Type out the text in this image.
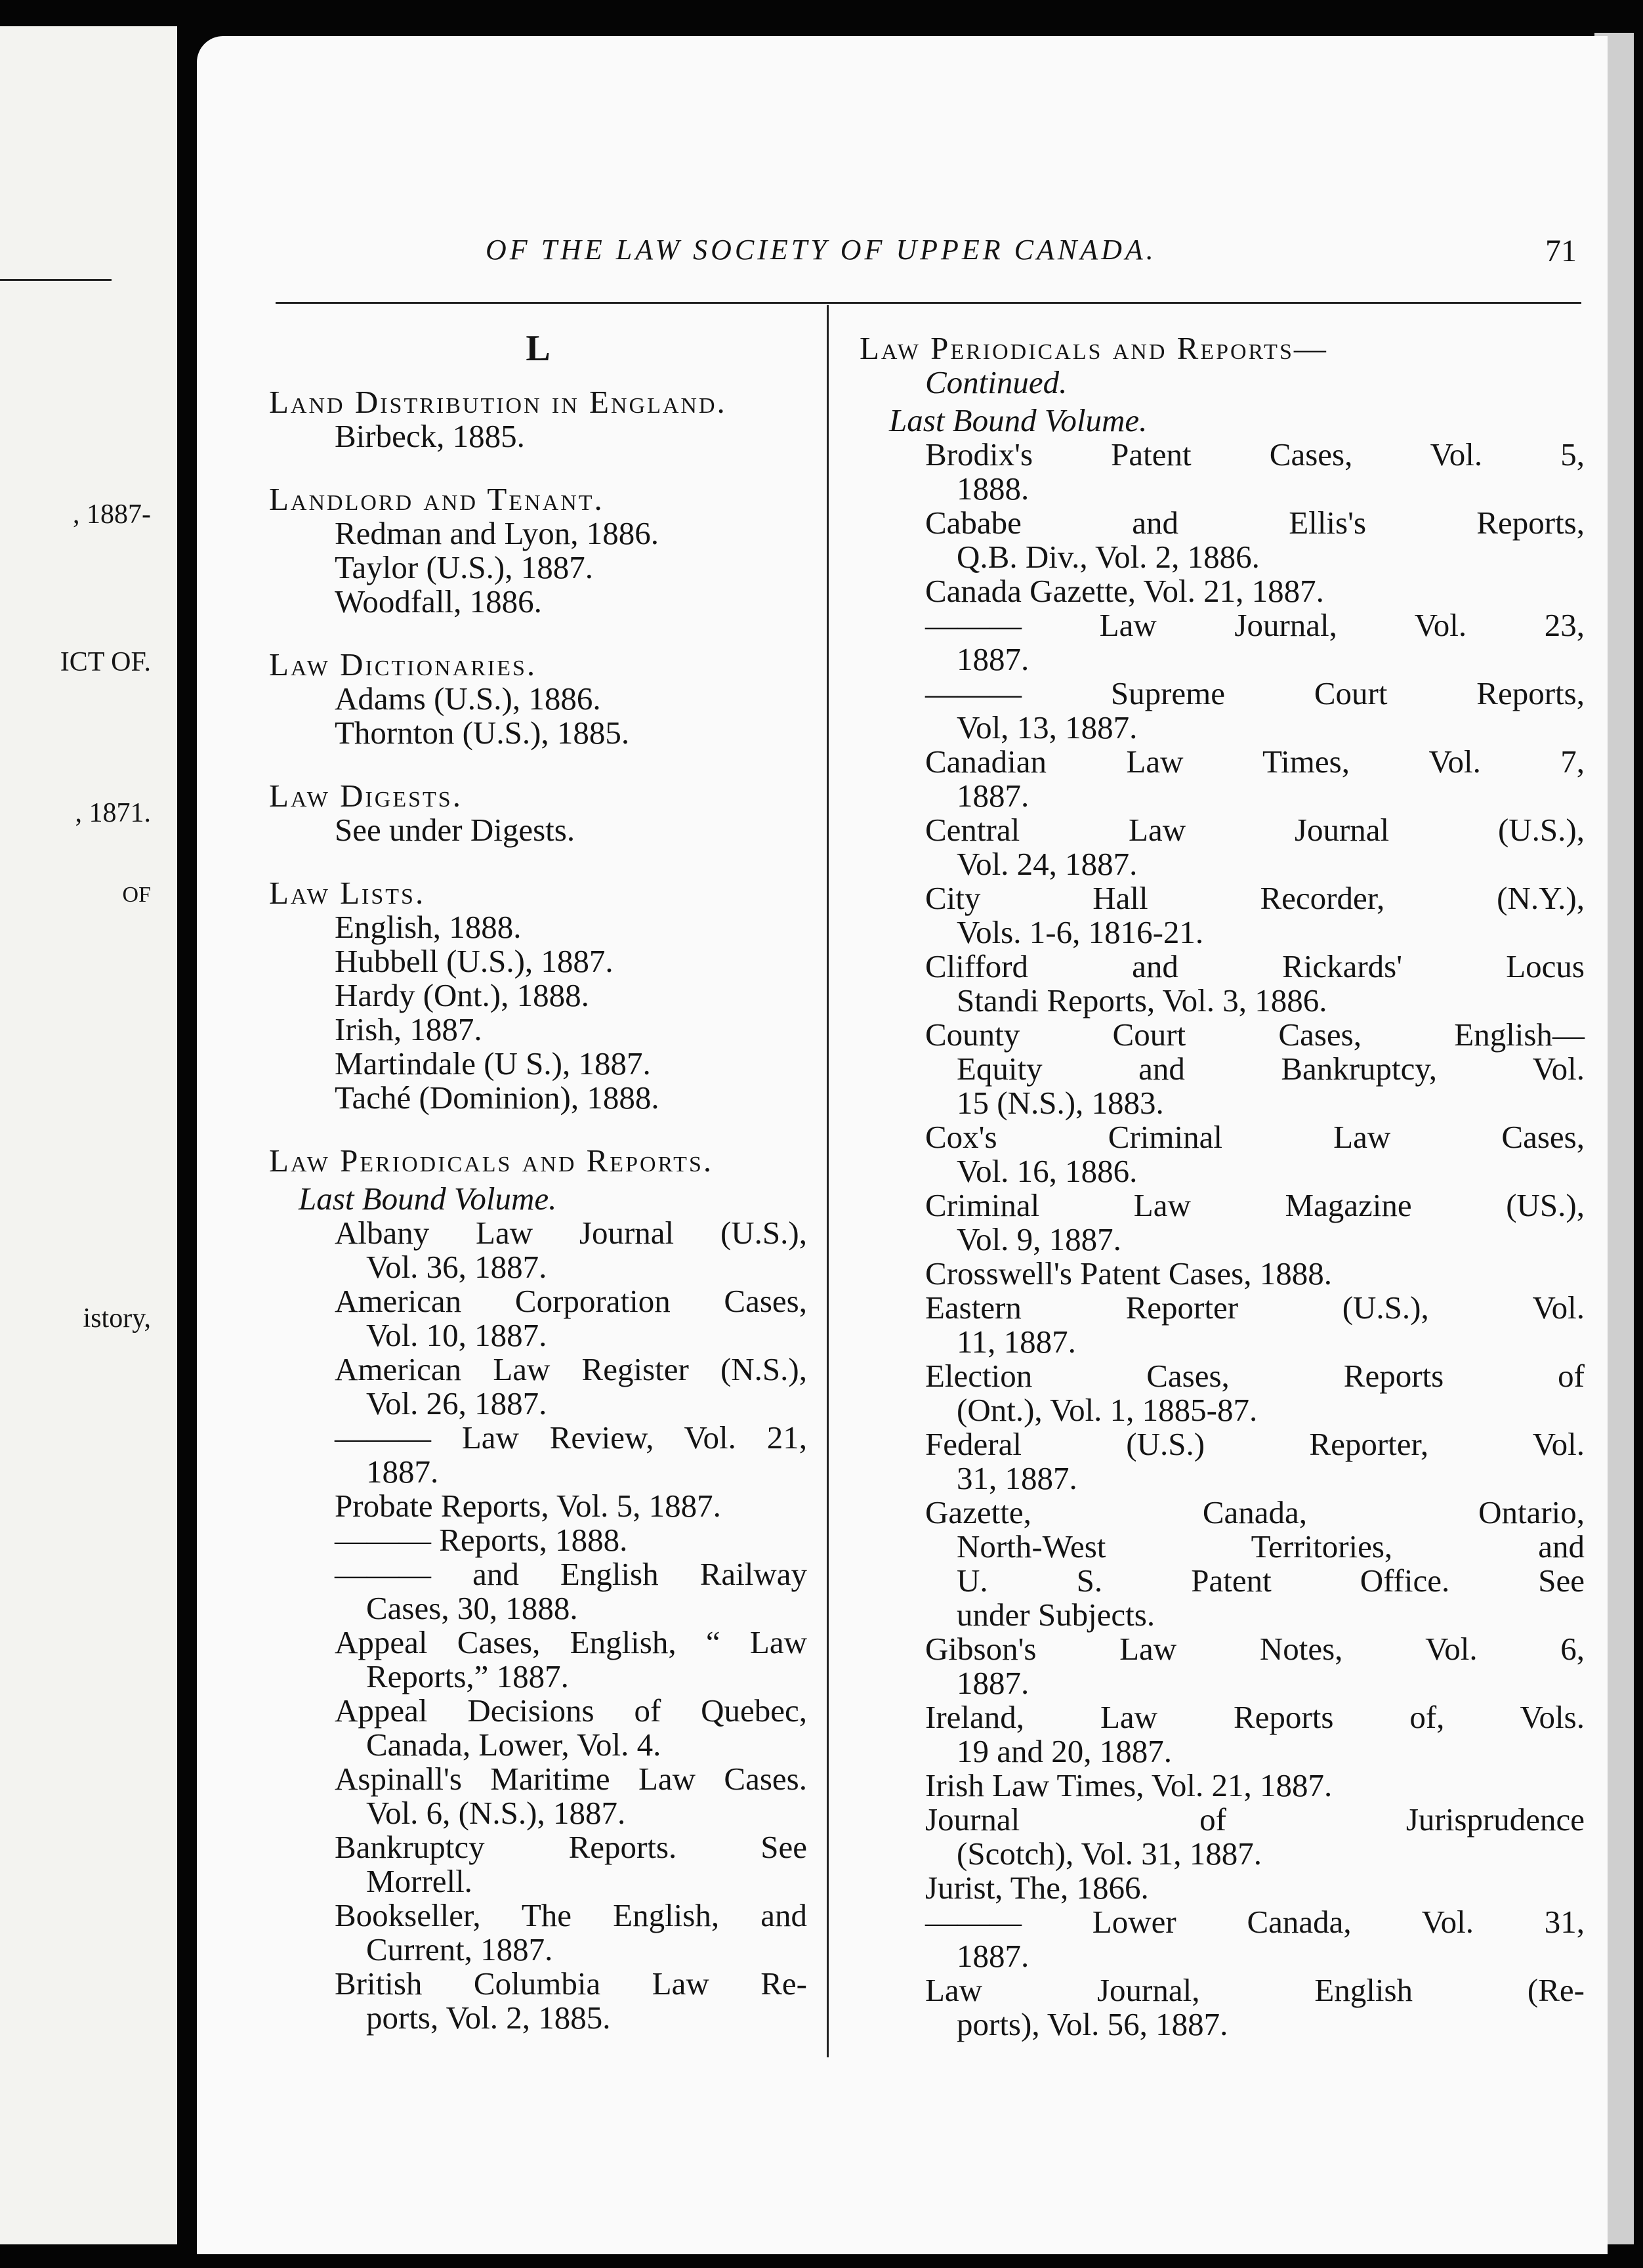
, 1887-
ICT OF.
, 1871.
OF
istory,
OF THE LAW SOCIETY OF UPPER CANADA.	71
L
Land Distribution in England.
Birbeck, 1885.
Landlord and Tenant.
Redman and Lyon, 1886.
Taylor (U.S.), 1887.
Woodfall, 1886.
Law Dictionaries.
Adams (U.S.), 1886.
Thornton (U.S.), 1885.
Law Digests.
See under Digests.
Law Lists.
English, 1888.
Hubbell (U.S.), 1887.
Hardy (Ont.), 1888.
Irish, 1887.
Martindale (U S.), 1887.
Taché (Dominion), 1888.
Law Periodicals and Reports.
Last Bound Volume.
Albany Law Journal (U.S.),
Vol. 36, 1887.
American Corporation Cases,
Vol. 10, 1887.
American Law Register (N.S.),
Vol. 26, 1887.
——— Law Review, Vol. 21,
1887.
Probate Reports, Vol. 5, 1887.
——— Reports, 1888.
——— and English Railway
Cases, 30, 1888.
Appeal Cases, English, “ Law
Reports,” 1887.
Appeal Decisions of Quebec,
Canada, Lower, Vol. 4.
Aspinall's Maritime Law Cases.
Vol. 6, (N.S.), 1887.
Bankruptcy Reports. See
Morrell.
Bookseller, The English, and
Current, 1887.
British Columbia Law Re-
ports, Vol. 2, 1885.
Law Periodicals and Reports—
Continued.
Last Bound Volume.
Brodix's Patent Cases, Vol. 5,
1888.
Cababe and Ellis's Reports,
Q.B. Div., Vol. 2, 1886.
Canada Gazette, Vol. 21, 1887.
——— Law Journal, Vol. 23,
1887.
——— Supreme Court Reports,
Vol, 13, 1887.
Canadian Law Times, Vol. 7,
1887.
Central Law Journal (U.S.),
Vol. 24, 1887.
City Hall Recorder, (N.Y.),
Vols. 1-6, 1816-21.
Clifford and Rickards' Locus
Standi Reports, Vol. 3, 1886.
County Court Cases, English—
Equity and Bankruptcy, Vol.
15 (N.S.), 1883.
Cox's Criminal Law Cases,
Vol. 16, 1886.
Criminal Law Magazine (US.),
Vol. 9, 1887.
Crosswell's Patent Cases, 1888.
Eastern Reporter (U.S.), Vol.
11, 1887.
Election Cases, Reports of
(Ont.), Vol. 1, 1885-87.
Federal (U.S.) Reporter, Vol.
31, 1887.
Gazette, Canada, Ontario,
North-West Territories, and
U. S. Patent Office. See
under Subjects.
Gibson's Law Notes, Vol. 6,
1887.
Ireland, Law Reports of, Vols.
19 and 20, 1887.
Irish Law Times, Vol. 21, 1887.
Journal of Jurisprudence
(Scotch), Vol. 31, 1887.
Jurist, The, 1866.
——— Lower Canada, Vol. 31,
1887.
Law Journal, English (Re-
ports), Vol. 56, 1887.
